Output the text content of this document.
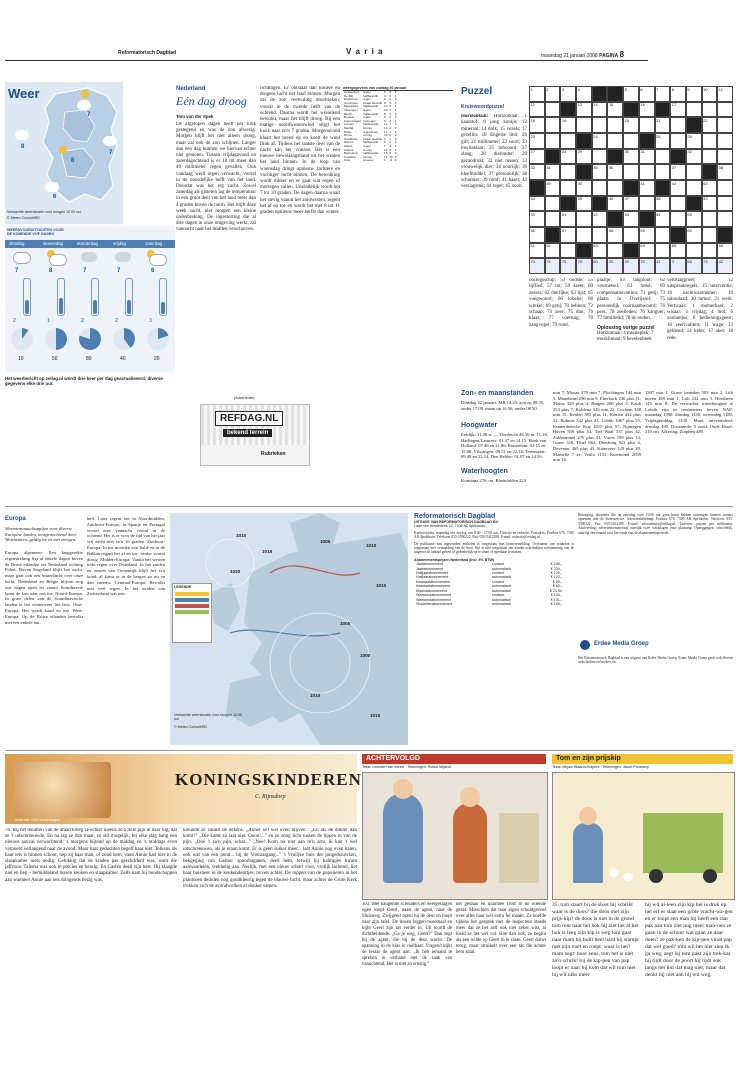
Reformatorisch Dagblad	V a r i a	maandag 21 januari 2008 PAGINA 8
Weer
7
8
8
7
6
Verwachte weersituatie voor morgen 12.00 uur
© Meteo Consult/RD
WEERSVOORUITZICHTEN VOOR DE KOMENDE VIJF DAGEN
dinsdag	woensdag	donderdag	vrijdag	zaterdag
7	8	7	7	6
2	1	2	2	3
10	50	80	40	20
Het weerbericht op zeilag.nl wordt drie keer per dag geactualiseerd; diverse gegevens elke drie uur.
Nederland
Eén dag droog
Tom van der Spek
De afgelopen dagen heeft het flink gestegend en was de zon afwezig. Morgen blijft het niet alleen droog, maar zal ook de zon schijnen. Langer dan een dag kunnen we hiervan echter niet genieten. Tussen vrijdagavond en zaterdagochtend is er 10 tot meer dan 40 millimeter regen gevallen. Ook vandaag werd regen verwacht, vooral in de noordelijke helft van het land. Doordat was het erg zacht. Zowel zaterdag als gisteren lag de temperatuur in een groot deel van het land meer dan 4 graden boven de norm. Het blijft deze week zacht, niet morgen een kleine onderbreking. De ingestorting die al drie dagen in onze omgeving werkt, zal vannacht naar het midden verschuiven.
richtingen. Er ontstaat dan kouere en drogere lucht het land binnen. Morgen zal de zon veelvuldig doorbreken, vooral in de zwerde helft van de ochtend. Daarna wordt het wisselend bewolkt, maar het blijft droog. Bij een matige noordwestenwind stijgt het kwik naar zo'n 7 graden. Morgenavond klaart het breed op en koelt de wind flink af. Tijdens het laatste deel van de nacht kan het vriezen. Het is een nieuwe bewolkingsband uit het westen het land binnen. In de loop van woensdag dringt opnieuw zachtere en vochtiger lucht binnen. De bewolking wordt dikker en er gaat wat regen of motregen vallen. Uiteindelijk wordt het 7 tot 10 graden. De dagen daarna waait het stevig vanuit het zuidwesten, regent het af en toe en wordt het met 8 tot 11 graden opnieuw meer herfst dan winter.
weergegevens van zondag 20 januari
Amsterdam	regen	9	6	5
De Bilt	halfbewolkt	9	6	4
Eindhoven	regen	9	6	3
Groningen	zwaar bewolkt	8	5	6
Maastricht	halfbewolkt	10	5	1
Vlissingen	regen	10	7	4
Berlijn	halfbewolkt	8	3	0
Brussel	regen	9	6	2
Kopenhagen	motregen	6	4	1
Londen	halfbewolkt	11	7	0
Madrid	zonnig	13	2	0
Parijs	regenbuien	11	7	3
Rome	zonnig	15	6	0
Stockholm	zwaar bewolkt	3	1	0
Wenen	halfbewolkt	6	2	0
Zürich	regen	7	3	2
Athene	zonnig	14	8	0
Barcelona	halfbewolkt	15	9	0
Lissabon	zonnig	16	10	0
Oslo	sneeuw	1	-3	4
Puzzel
Kruiswoordpuzzel
Horizontaal: Horizontaal: 1 kaasstof; 6 jong konijn; 12 mineraal; 14 dolk; 15 vezels; 17 gezellin; 18 Engelse titel; 20 gift; 21 millimeter; 22 soort; 23 inwisselaar; 25 lidwoord; 27 slang; 28 dieronder; 29 gezandrukt; 32 niet tussen; 33 vrouwelijk dier; 34 noorlijk; 36 kleefmiddel; 37 persoonlijk; 38 scharnier; 39 nimf; 41 haast; 43 verslagstuk; 44 regel; 45 nooit.
1	2	3	4	5	6	7	8	9	10	11
12	13	14	15	16	17
18	19	20	21	22
23	24	25	26
27	28	29	30	31	32
33	34	35	36	37	38
39	40	41	42	43
44	45	46	47	48	49
50	51	52	53	54	55
56	57	58	59	60
61	62	63	64	65	66
73	74	75	76	60	20	22	70	11	3	56	74	42
oorlogsschip; 53 oudste; 55 lijflied; 57 tot; 59 kreet; 60 zeevis; 62 dierlijke; 63 lijst; 65 voegwoord; 66 lobelie; 68 winkel; 69 getij; 70 hebben; 72 schaap; 73 zeer; 75 dun; 76 klaas; 77 voertuig; 78 zangvogel; 79 rund.
plaatje; 63 rangnoot; 62 voornetsel; 63 hond; 69 compensatiecontinu; 71 getij; 73 plaats in Overijssel; 75 persoonlijk voornaamwoord; 76 pers; 78 zeelieden; 76 kangoer; 77 familielid; 78 de ouden.
Oplossing vorige puzzel
Horizontaal: 4 missieplek; 7 mosklimaat; 9 bevelenbeek
veldslaggroet; 12 uitspraakregels; 15 interventie; 16 nachtwaarnemer; 19 salondaad; 20 tumor; 21 werk. Verticaal: 1 roomerhaal; 2 wisaar; 3 vrijdag; 4 mol; 6 zoolantjes; 8 bedieningsgeest; 10 zeerivaliteit; 11 wage; 13 geldend; 14 keter; 17 aker; 18 rede.
(Advertentie)
REFDAG.NL
bekend terrein
Rubrieken
Zon- en maanstanden
Dinsdag 22 januari: MR 14.25, zon op 08.35, onder 17.09, maan op 16.56, onder 08.50.
Hoogwater
Eefdijk: 11.48 w. — Dordrecht 48.30 m: 11.26, Harlingen/Lauwers: 01.47 en 14.15, Hoek van Holland: 07.46 en 21.06, Rotterdam: 02.15 en 15.08. Vlissingen: 09.51 en 22.16, Terneuzen: 09.48 en 22.14, Den Helder: 01.07 en 14.56.
Waterhoogten
Konstanz 276 cm. Rheinfelden 224
min 7, Maxau 479 min 7, Plochingen 144 min 5, Mannheim 296 min 9, Eberbach 236 plus 11, Mainz 328 plus 4, Bingen 260 plus 5, Kaub 253 plus 7, Koblenz 326 min 22, Cochem 348 min 15, Keulen 395 plus 11, Keulen 434 plus 32, Ruhrort 542 plus 43, Lobith 1067 plus 55, Pannerdensche Kop 1015 plus 57, Nijmegen Haven 839 plus 54, Tiel Waal 537 plus 42, Zaltbommel 276 plus 21, Vuren 198 plus 14, Grave 518, Driel 663, Doesburg 923 plus 4, Deventer 465 plus 45, Katerveer 129 plus 29, Mamelle 7 ze, Venlo 1153, Roermond 2059 min 16.
1307 min 1, Grave beneden 583 min 2, Lith boven 469 min 1, Lith 232 min 3, Heesbeen 145 min 8. De verwachte waterhoogten te Lobith zijn in centimeters boven NAP: maandag 1090; dinsdag 1150; woensdag 1180. Vrijdagmiddag 1330. Maas onveranderd; dinsdag 490. Doorsnede: 5 zond. Oude IJssel: 210 cm. Afkering, Zutphen 489.
Europa
Warmtemaatschappijen voor diverse Europese landen, morgenochtend door Westbemees, geldig tot en met morgen.
Europa algemeen: Een langgerekte regenstreking ligt al enkele dagen boven de Britse eilanden via Nederland richting Polen. Boven Engeland blijft het zacht, maar gaat ook een buitenlucht over onze lucht. Nederland en Belgie blijven nog wat dagen open en vanuit Scandinavië komt de kou naar ons toe. Noord-Europa: In grote delen van de Scandinavische landen is het winterweer het best. Oost-Europa: Het wordt koud en nat. West-Europa: Op de Britse eilanden bewolkt met een enkele bui.
heft. Later regent het in Noordmidden. Zuidwest-Europa: In Spanje en Portugal vooral zon, vannacht vooral in de ochtend. Het is er voor de tijd van het jaar vrij zacht met zo'n 16 graden. Zuidoost-Europa: In het noorden van Italië en in de Balkan regent het af en toe, verder vooral droog. Midden-Europa: Vanuit het westen trekt regen over Duitsland. In het zuiden en oosten van Oostenrijk blijft het vrij koud, al komt er in de bergen zo nu en dan sneeuw. Centraal-Europa: Bewolkt met veel regen. In het zuiden van Zwitserland wat zon.
LEGENDE
1010
1015
1020
1005
1010
1010
1005
1000
1010
1015
Verwachte weersituatie voor morgen 12.00 uur
© Meteo Consult/RD
Reformatorisch Dagblad
UITGAVE VAN REFORMATORISCH DAGBLAD BV
Laan van Westenenk 12, 7336 AZ Apeldoorn
Kantoortijden: maandag t/m vrijdag van 8.00 - 17.00 uur. Directie en redactie: Postadres: Postbus 670, 7300 AR Apeldoorn. Telefoon: 055-5390222. Fax: 055-5412288. E-mail: redactie@refdag.nl
De publicatie van ingezonden artikelen is toegestaan met bronvermelding. Overname van artikelen is toegestaan met vermelding van de bron. Het is niet toegestaan om zonder schriftelijke toestemming van de uitgever de inhoud geheel of gedeeltelijk op te slaan of openbaar te maken.
Abonnementsprijzen Nederland (incl. 6% BTW)
Jaarabonnement	contant	€ 245,-
Jaarabonnement	automatisch	€ 239,-
Halfjaarabonnement	contant	€ 125,-
Halfjaarabonnement	automatisch	€ 122,-
Kwartaalabonnement	contant	€ 65,-
Kwartaalabonnement	automatisch	€ 63,-
Maandabonnement	automatisch	€ 21,50
Weekendabonnement	contant	€ 134,-
Weekendabonnement	automatisch	€ 131,-
Studentenabonnement	automatisch	€ 156,-
Bezorging: abonnees die op zaterdag voor 10.00 uur geen krant hebben ontvangen kunnen contact opnemen met de lezersservice. Advertentiebelang: Postbus 670, 7300 AR Apeldoorn. Telefoon: 055-5390222. Fax: 055-5412289. E-mail: advertenties@refdag.nl. Tarieven: prijzen per millimeter. Aanlevering: advertentiemateriaal uiterlijk twee werkdagen voor plaatsing. Opzeggingen: schriftelijk, uiterlijk een maand voor het einde van de abonnementsperiode.
Erdee Media Groep
Het Reformatorisch Dagblad is een uitgave van Erdee Media Groep. Erdee Media Groep geeft ook diverse tijdschriften en boeken uit.
KONINGSKINDEREN
C. Rijnsdorp
Illustratie: Dirk Vanderhagen
76. Bij het tenidren van de draad kreeg ze echter ineens zo'n felle pijn in haar rug, dat ze 't uitschreeuwde. En na lag ze dan maar, zo stil mogelijk, bij elke slag bang een nieuwe aanval verwachtend. 's morgens bijtend op de middag en 's middags even verpoeld verlangend naar de avond. Maar haar gedachten begelf haar niet. Telkens als haar iets is binnen schoot, nep zij haar man, of zond hem, vaan Annie had hier in de slaapkamer niets nodig. Gelukkig dat de kraden pas geschilderd was, want die jaffrouw Talema was ook te precies en keurig. En Gasten deed zijn best. Hij klaagde niet en liep – bemiddeland tussen keuken en slaapkamer. Zelfs nam hij boodschappen aan wanneer Annie aan iets dringends bezig was.
kreunde ze vanuit de dekens. „Annie wil wel even blijven." „En als de dokter dan komt?" „Die komt zo laat niet. Oooo!..." en ze zong licht tussen de lippen in van de pijn. „Doe 't zo'n pijn, schat..." „Nee! Kom nu niet aan m'n arm, ik kan 't wel uitschreeuwen, als je eraan komt. Er is geen suiker meer... laat Annie nog even halen, ook wat van een pond... bij de Voorzaigang..." 't Vrolijke huis der jongedsruwken, bekgeging van Gasten' spoorbaganen, deed hem, terwijl hij kalmpjes kwam aanwandelen, weldadig aan. Nerlijk, met een nieuw schort voor, vrolijk lachend, liet haar huisheer in de keukendeurtjes, boven achter. De toppen van de populieren in het plantsoen deinden nog goudkleurig tegen de blauwe lucht, maar achter de Grote Kerk trokken zich de avondwolken al donker samen.
ACHTERVOLGD
Tekst: Leendert van Wezel · Tekeningen: Roelof Mijland
103. Met hangende schouders en neergeslagen ogen loopt Geert, naast de agent, naar de Sluiswog. Zwijgend opent hij de deur en loopt naar zijn tafel. De lessen leggen tweemaal en kijkt Geert zijn tas verder in. Uit wordt de dichtbeidende. „Ga je weg, Geert?" Dan zegt hij de agent, die bij de deur wacht. De spanning in de klas is voelbaar. Vragend kijkt de leraar de agent aan. „Ik heb iemand te spreken in verband met de zaak van vanochtend. Het is niet zo ernstig."
het gedaan en daarmee Dolf in de ellende gezet. Misschien dat haar eigen schuldgevoel over alles haar wel extra fel maakt. Ze hoefde tijdens het gesprek met de inspecteur steeds meer dat ze het zelf ook niet zeker wist, al hield ze het wel vol. Hoe dan ook, ze begint als een wilde op Geert in te slaan. Geert duiwt terug, maar struikelt over een tas die achter hem staat.
Tom en zijn prijskip
Tekst: Mirjam Blaauw-Kuipers · Tekeningen: Jacob Ponsdorp
35. tom staart bij de sloot hij schrikt waar is de doos? die doos met zijn prijs-kip? de doos is niet in de grond tom rent naar het hok hij ziet het al het hok is leeg zijn kip is weg tom gaat naar mam hij huilt heel hard hij stampt met zijn voet en roept: waar is het? mam zegt: hoor eens, tom het is niet zo'n schrik! bij de kip-pen van pap loopt er naar bij kom dat wil tom niet hij wil niks meer
hij wil al-leen zijn kip het is druk op het erf er staat een grote vracht-wa-gen en er loopt een man hij heeft een raar pak aan tom ziet nog meer man-nen ze gaan in de schuur wat gaan ze daar doen? ze pak-ken de kip-pen vindt pap dat wel goed? tom wil het niet zien ik ga weg, zegt hij tom pakt zijn trek-kar hij rijdt door de poort hij rijdt ook langs het lint dat mag niet, maar dat denkt hij niet aan hij wil weg.
